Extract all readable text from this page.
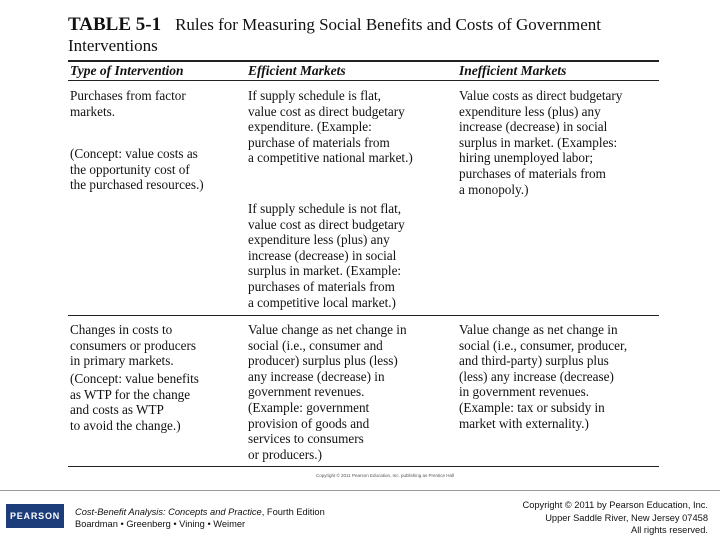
TABLE 5-1 Rules for Measuring Social Benefits and Costs of Government
Interventions
Type of Intervention	Efficient Markets	Inefficient Markets
Purchases from factor
markets.
(Concept: value costs as
the opportunity cost of
the purchased resources.)
If supply schedule is flat,
value cost as direct budgetary
expenditure. (Example:
purchase of materials from
a competitive national market.)
If supply schedule is not flat,
value cost as direct budgetary
expenditure less (plus) any
increase (decrease) in social
surplus in market. (Example:
purchases of materials from
a competitive local market.)
Value costs as direct budgetary
expenditure less (plus) any
increase (decrease) in social
surplus in market. (Examples:
hiring unemployed labor;
purchases of materials from
a monopoly.)
Changes in costs to
consumers or producers
in primary markets.
(Concept: value benefits
as WTP for the change
and costs as WTP
to avoid the change.)
Value change as net change in
social (i.e., consumer and
producer) surplus plus (less)
any increase (decrease) in
government revenues.
(Example: government
provision of goods and
services to consumers
or producers.)
Value change as net change in
social (i.e., consumer, producer,
and third-party) surplus plus
(less) any increase (decrease)
in government revenues.
(Example: tax or subsidy in
market with externality.)
Copyright © 2011 Pearson Education, Inc. publishing as Prentice Hall
PEARSON Cost-Benefit Analysis: Concepts and Practice, Fourth Edition
Boardman • Greenberg • Vining • Weimer
Copyright © 2011 by Pearson Education, Inc.
Upper Saddle River, New Jersey 07458
All rights reserved.
